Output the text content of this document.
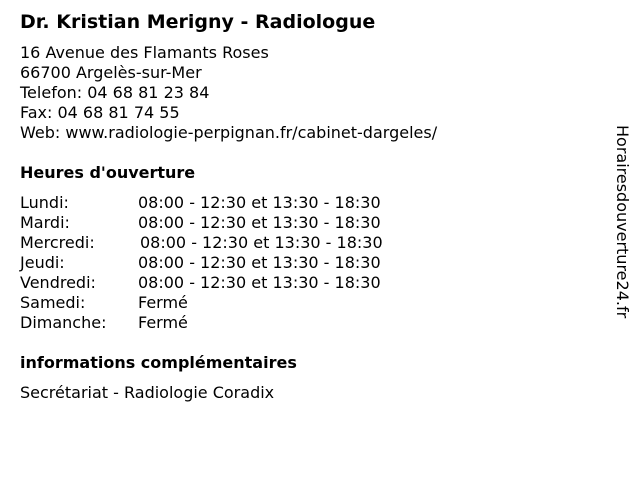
Dr. Kristian Merigny - Radiologue
16 Avenue des Flamants Roses
66700 Argelès-sur-Mer
Telefon: 04 68 81 23 84
Fax: 04 68 81 74 55
Web: www.radiologie-perpignan.fr/cabinet-dargeles/
Heures d'ouverture
Lundi:	08:00 - 12:30 et 13:30 - 18:30
Mardi:	08:00 - 12:30 et 13:30 - 18:30
Mercredi:	08:00 - 12:30 et 13:30 - 18:30
Jeudi:	08:00 - 12:30 et 13:30 - 18:30
Vendredi:	08:00 - 12:30 et 13:30 - 18:30
Samedi:	Fermé
Dimanche: Fermé
informations complémentaires
Secrétariat - Radiologie Coradix
Horairesdouverture24.fr
